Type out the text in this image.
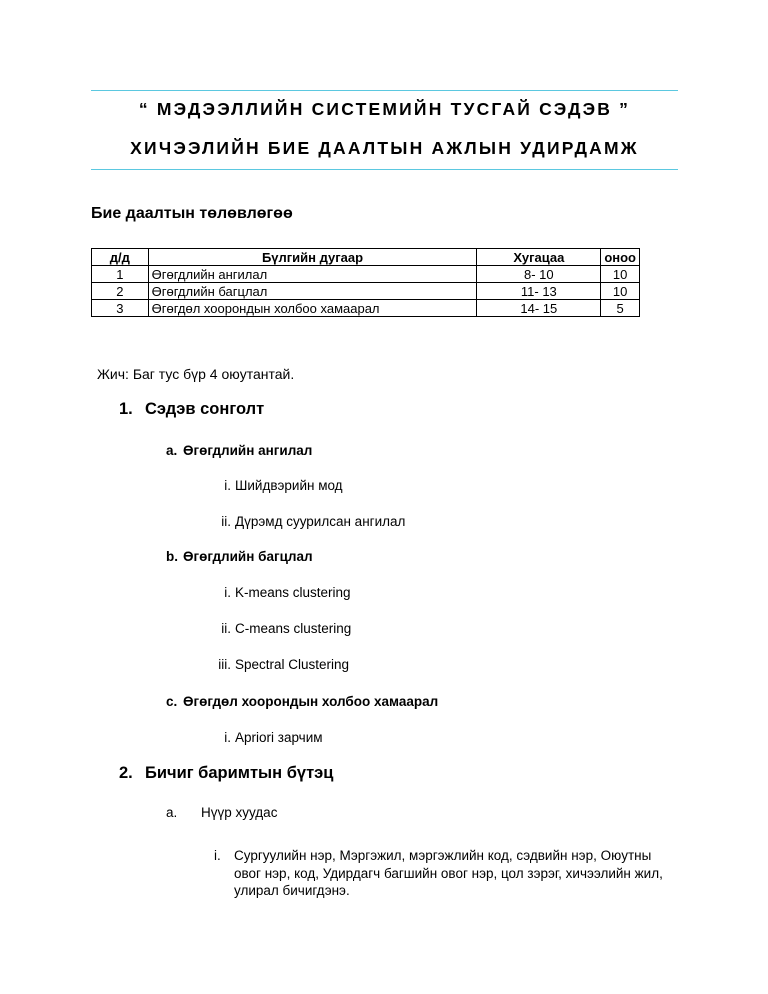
“ МЭДЭЭЛЛИЙН СИСТЕМИЙН ТУСГАЙ СЭДЭВ ”
ХИЧЭЭЛИЙН БИЕ ДААЛТЫН АЖЛЫН УДИРДАМЖ
Бие даалтын төлөвлөгөө
д/д	Бүлгийн дугаар	Хугацаа	оноо
1	Өгөгдлийн ангилал	8- 10	10
2	Өгөгдлийн багцлал	11- 13	10
3	Өгөгдөл хоорондын холбоо хамаарал	14- 15	5
Жич: Баг тус бүр 4 оюутантай.
1. Сэдэв сонголт
a. Өгөгдлийн ангилал
i. Шийдвэрийн мод
ii. Дүрэмд суурилсан ангилал
b. Өгөгдлийн багцлал
i. K-means clustering
ii. C-means clustering
iii. Spectral Clustering
c. Өгөгдөл хоорондын холбоо хамаарал
i. Apriori зарчим
2. Бичиг баримтын бүтэц
a. Нүүр хуудас
i. Сургуулийн нэр, Мэргэжил, мэргэжлийн код, сэдвийн нэр, Оюутны овог нэр, код, Удирдагч багшийн овог нэр, цол зэрэг, хичээлийн жил, улирал бичигдэнэ.
